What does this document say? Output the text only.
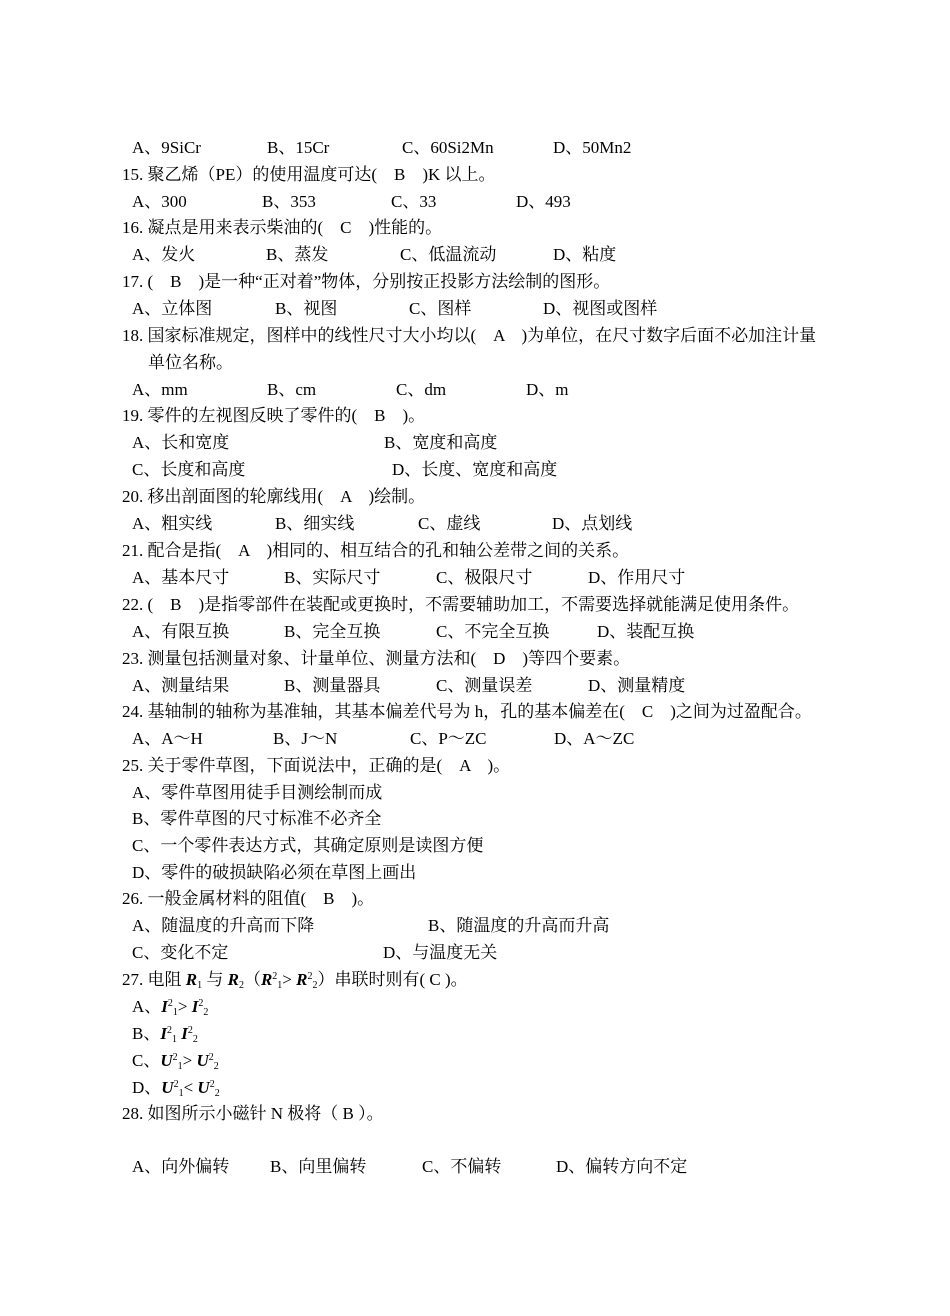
A、9SiCr	B、15Cr	C、60Si2Mn	D、50Mn2
15. 聚乙烯（PE）的使用温度可达(　B　)K 以上。
A、300	B、353	C、33	D、493
16. 凝点是用来表示柴油的(　C　)性能的。
A、发火	B、蒸发	C、低温流动	D、粘度
17. (　B　)是一种“正对着”物体，分别按正投影方法绘制的图形。
A、立体图	B、视图	C、图样	D、视图或图样
18. 国家标准规定，图样中的线性尺寸大小均以(　A　)为单位，在尺寸数字后面不必加注计量
单位名称。
A、mm	B、cm	C、dm	D、m
19. 零件的左视图反映了零件的(　B　)。
A、长和宽度	B、宽度和高度
C、长度和高度	D、长度、宽度和高度
20. 移出剖面图的轮廓线用(　A　)绘制。
A、粗实线	B、细实线	C、虚线	D、点划线
21. 配合是指(　A　)相同的、相互结合的孔和轴公差带之间的关系。
A、基本尺寸	B、实际尺寸	C、极限尺寸	D、作用尺寸
22. (　B　)是指零部件在装配或更换时，不需要辅助加工，不需要选择就能满足使用条件。
A、有限互换	B、完全互换	C、不完全互换	D、装配互换
23. 测量包括测量对象、计量单位、测量方法和(　D　)等四个要素。
A、测量结果	B、测量器具	C、测量误差	D、测量精度
24. 基轴制的轴称为基准轴，其基本偏差代号为 h，孔的基本偏差在(　C　)之间为过盈配合。
A、A～H	B、J～N	C、P～ZC	D、A～ZC
25. 关于零件草图，下面说法中，正确的是(　A　)。
A、零件草图用徒手目测绘制而成
B、零件草图的尺寸标准不必齐全
C、一个零件表达方式，其确定原则是读图方便
D、零件的破损缺陷必须在草图上画出
26. 一般金属材料的阻值(　B　)。
A、随温度的升高而下降	B、随温度的升高而升高
C、变化不定	D、与温度无关
27. 电阻 $R_1$ 与 $R_2(R^2_1> R^2_2)$串联时则有( C )。
A、$I^2_1> I^2_2$
B、$I^2_1$ $I^2_2$
C、$U^2_1> U^2_2$
D、$U^2_1< U^2_2$
28. 如图所示小磁针 N 极将（ B ）。
A、向外偏转 B、向里偏转	C、不偏转	D、偏转方向不定
